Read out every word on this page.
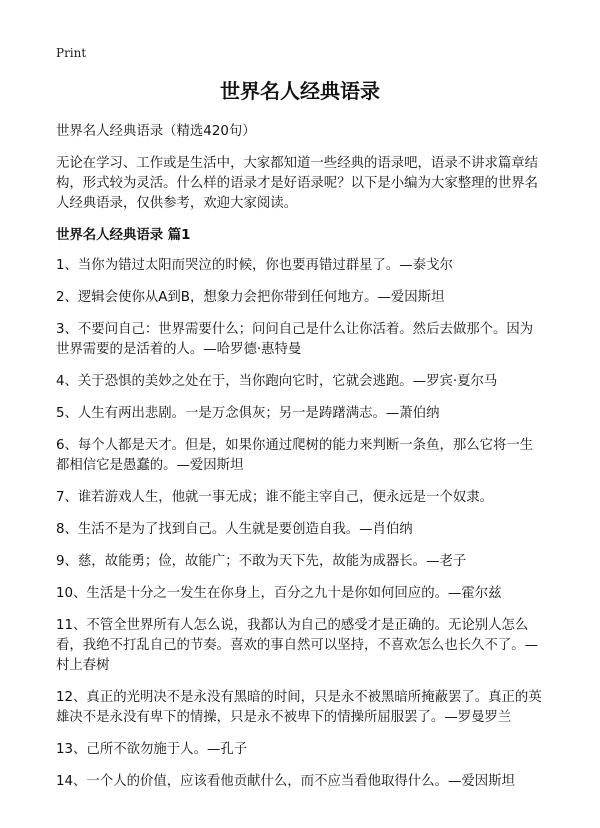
Print
世界名人经典语录

世界名人经典语录（精选420句）

无论在学习、工作或是生活中，大家都知道一些经典的语录吧，语录不讲求篇章结构，形式较为灵活。什么样的语录才是好语录呢？以下是小编为大家整理的世界名人经典语录，仅供参考，欢迎大家阅读。

世界名人经典语录 篇1

1、当你为错过太阳而哭泣的时候，你也要再错过群星了。—泰戈尔
2、逻辑会使你从A到B，想象力会把你带到任何地方。—爱因斯坦
3、不要问自己：世界需要什么；问问自己是什么让你活着。然后去做那个。因为世界需要的是活着的人。—哈罗德·惠特曼
4、关于恐惧的美妙之处在于，当你跑向它时，它就会逃跑。—罗宾·夏尔马
5、人生有两出悲剧。一是万念俱灰；另一是踌躇满志。—萧伯纳
6、每个人都是天才。但是，如果你通过爬树的能力来判断一条鱼，那么它将一生都相信它是愚蠢的。—爱因斯坦
7、谁若游戏人生，他就一事无成；谁不能主宰自己，便永远是一个奴隶。
8、生活不是为了找到自己。人生就是要创造自我。—肖伯纳
9、慈，故能勇；俭，故能广；不敢为天下先，故能为成器长。—老子
10、生活是十分之一发生在你身上，百分之九十是你如何回应的。—霍尔兹
11、不管全世界所有人怎么说，我都认为自己的感受才是正确的。无论别人怎么看，我绝不打乱自己的节奏。喜欢的事自然可以坚持，不喜欢怎么也长久不了。—村上春树
12、真正的光明决不是永没有黑暗的时间，只是永不被黑暗所掩蔽罢了。真正的英雄决不是永没有卑下的情操，只是永不被卑下的情操所屈服罢了。—罗曼罗兰
13、己所不欲勿施于人。—孔子
14、一个人的价值，应该看他贡献什么，而不应当看他取得什么。—爱因斯坦
